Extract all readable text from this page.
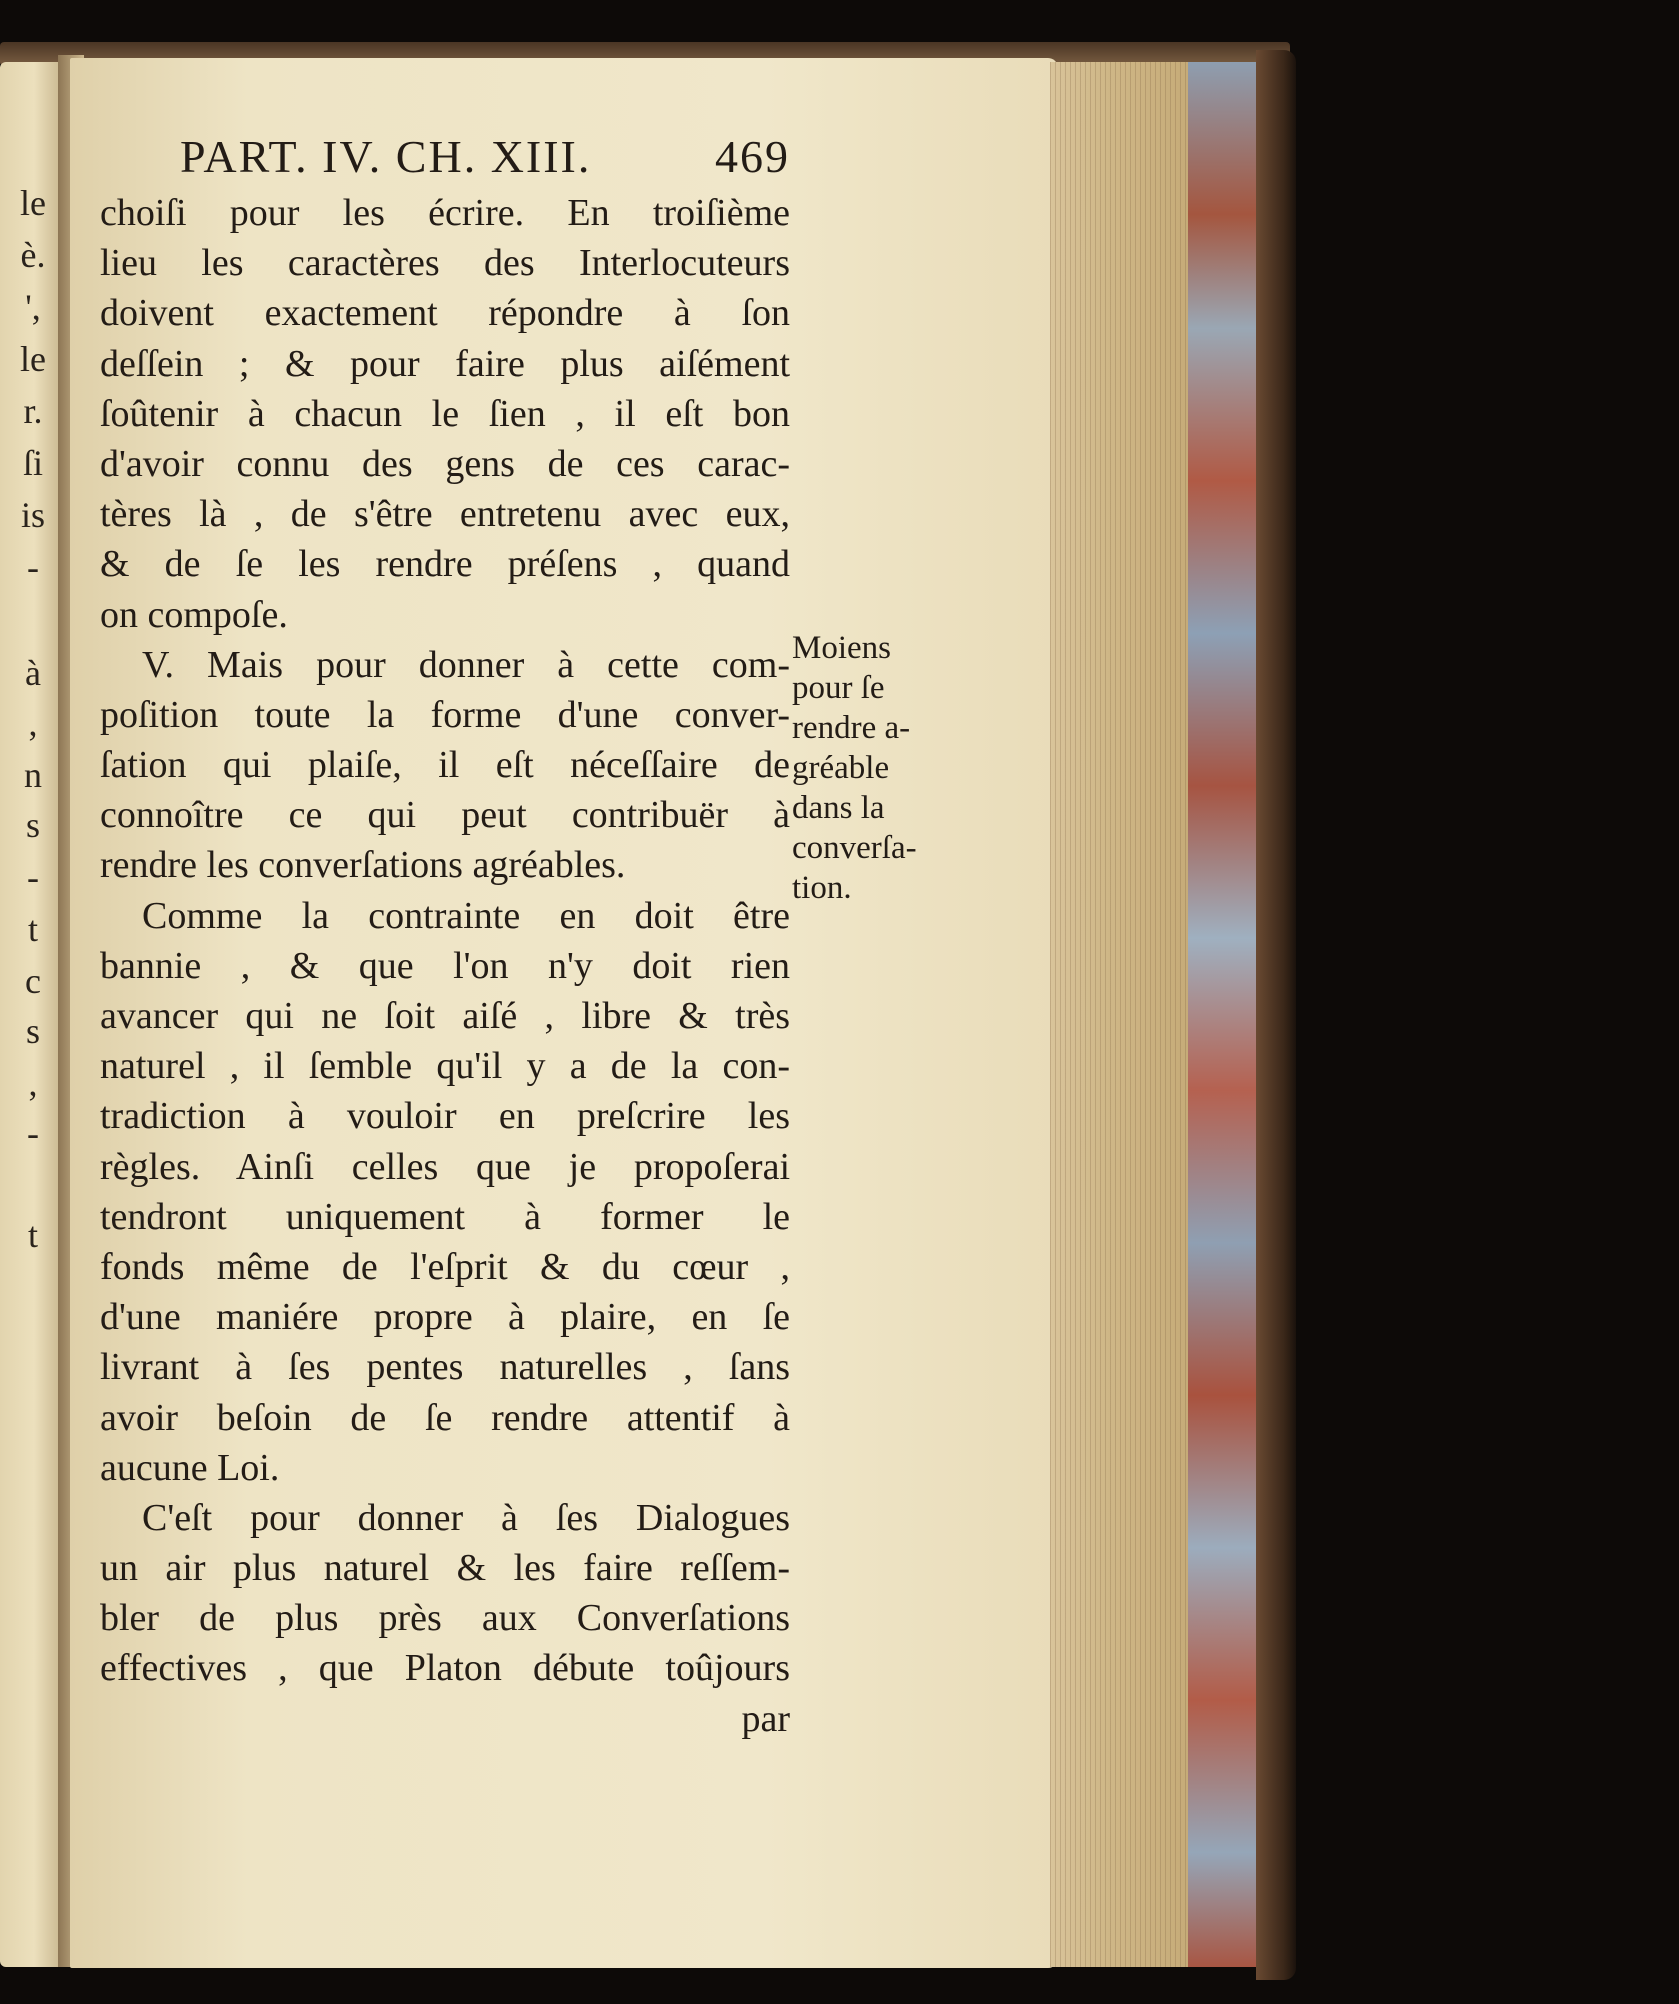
le
è.
',
le
r.
ſi
is
-
à
,
n
s
-
t
c
s
,
-
t
PART. IV. CH. XIII.	469
choiſi pour les écrire. En troiſième
lieu les caractères des Interlocuteurs
doivent exactement répondre à ſon
deſſein ; & pour faire plus aiſément
ſoûtenir à chacun le ſien , il eſt bon
d'avoir connu des gens de ces carac-
tères là , de s'être entretenu avec eux,
& de ſe les rendre préſens , quand
on compoſe.
V. Mais pour donner à cette com-
poſition toute la forme d'une conver-
ſation qui plaiſe, il eſt néceſſaire de
connoître ce qui peut contribuër à
rendre les converſations agréables.
Comme la contrainte en doit être
bannie , & que l'on n'y doit rien
avancer qui ne ſoit aiſé , libre & très
naturel , il ſemble qu'il y a de la con-
tradiction à vouloir en preſcrire les
règles. Ainſi celles que je propoſerai
tendront uniquement à former le
fonds même de l'eſprit & du cœur ,
d'une maniére propre à plaire, en ſe
livrant à ſes pentes naturelles , ſans
avoir beſoin de ſe rendre attentif à
aucune Loi.
C'eſt pour donner à ſes Dialogues
un air plus naturel & les faire reſſem-
bler de plus près aux Converſations
effectives , que Platon débute toûjours
par
Moiens
pour ſe
rendre a-
gréable
dans la
converſa-
tion.
